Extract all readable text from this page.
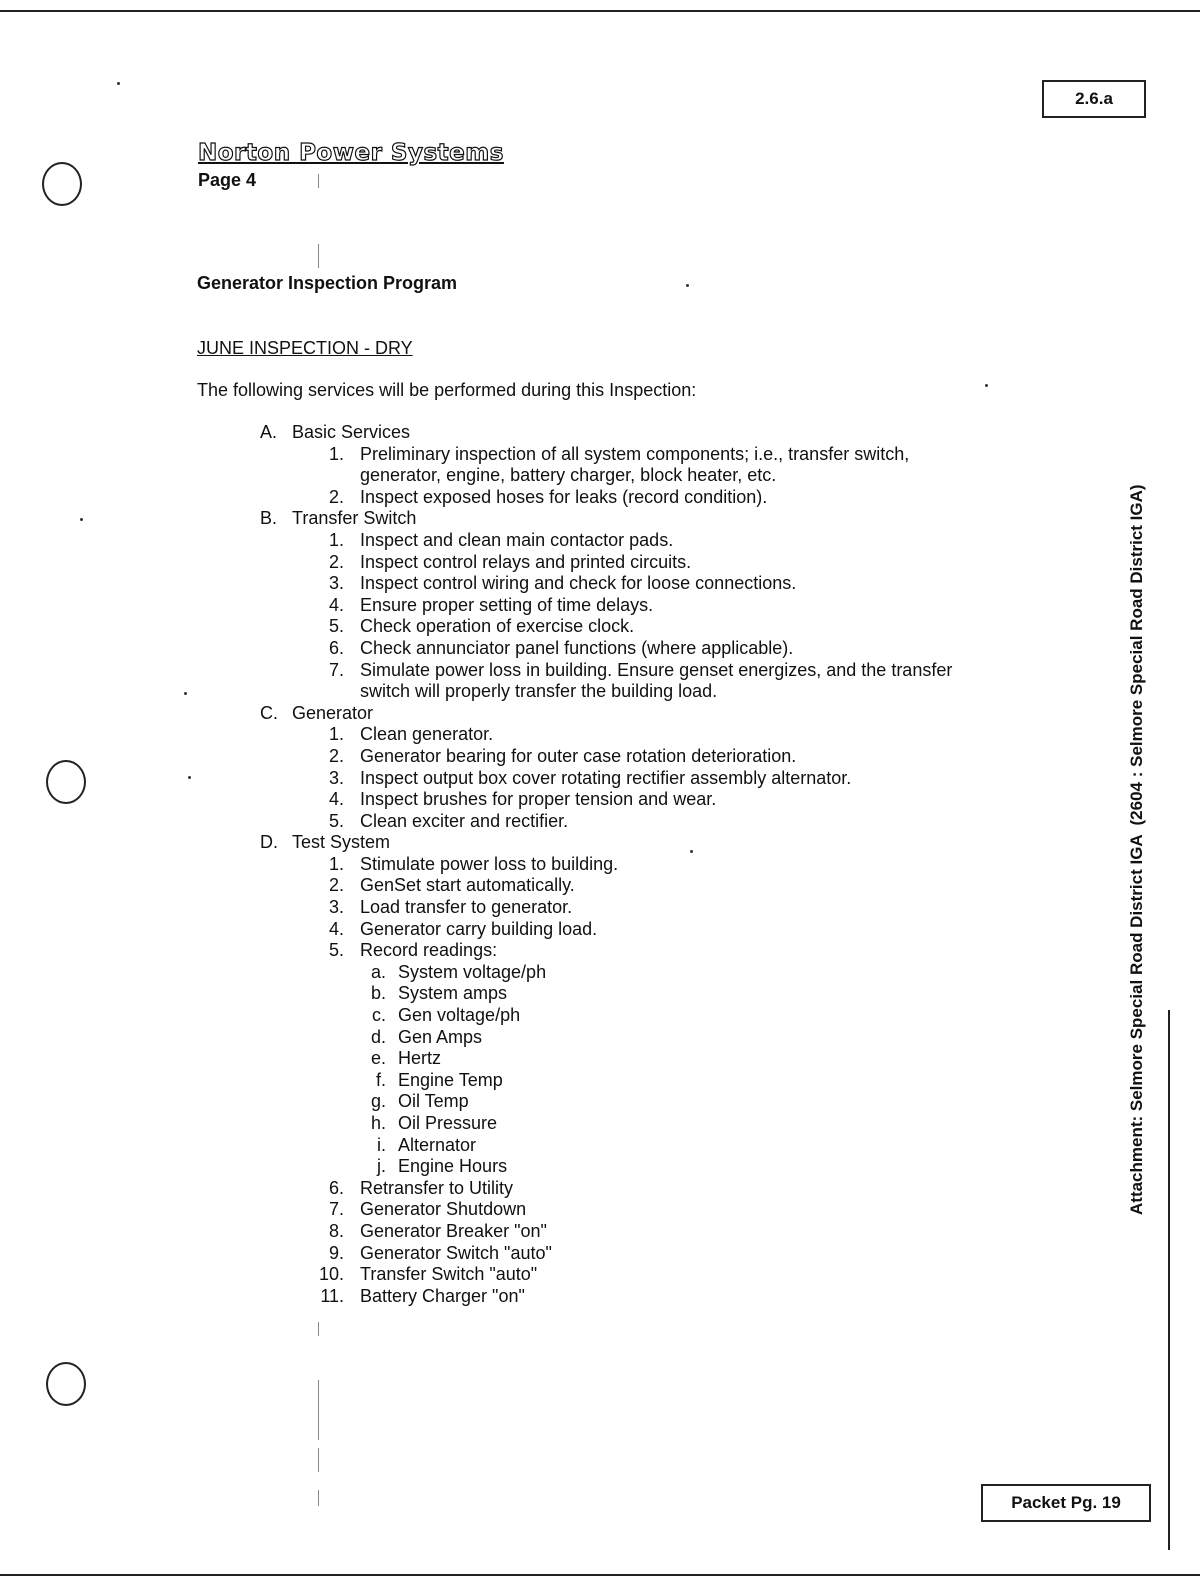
2.6.a
Norton Power Systems
Page 4
Generator Inspection Program
JUNE INSPECTION - DRY
The following services will be performed during this Inspection:
A. Basic Services
1. Preliminary inspection of all system components; i.e., transfer switch,
generator, engine, battery charger, block heater, etc.
2. Inspect exposed hoses for leaks (record condition).
B. Transfer Switch
1. Inspect and clean main contactor pads.
2. Inspect control relays and printed circuits.
3. Inspect control wiring and check for loose connections.
4. Ensure proper setting of time delays.
5. Check operation of exercise clock.
6. Check annunciator panel functions (where applicable).
7. Simulate power loss in building. Ensure genset energizes, and the transfer
switch will properly transfer the building load.
C. Generator
1. Clean generator.
2. Generator bearing for outer case rotation deterioration.
3. Inspect output box cover rotating rectifier assembly alternator.
4. Inspect brushes for proper tension and wear.
5. Clean exciter and rectifier.
D. Test System
1. Stimulate power loss to building.
2. GenSet start automatically.
3. Load transfer to generator.
4. Generator carry building load.
5. Record readings:
a. System voltage/ph
b. System amps
c. Gen voltage/ph
d. Gen Amps
e. Hertz
f. Engine Temp
g. Oil Temp
h. Oil Pressure
i. Alternator
j. Engine Hours
6. Retransfer to Utility
7. Generator Shutdown
8. Generator Breaker "on"
9. Generator Switch "auto"
10. Transfer Switch "auto"
11. Battery Charger "on"
Attachment: Selmore Special Road District IGA  (2604 : Selmore Special Road District IGA)
Packet Pg. 19
